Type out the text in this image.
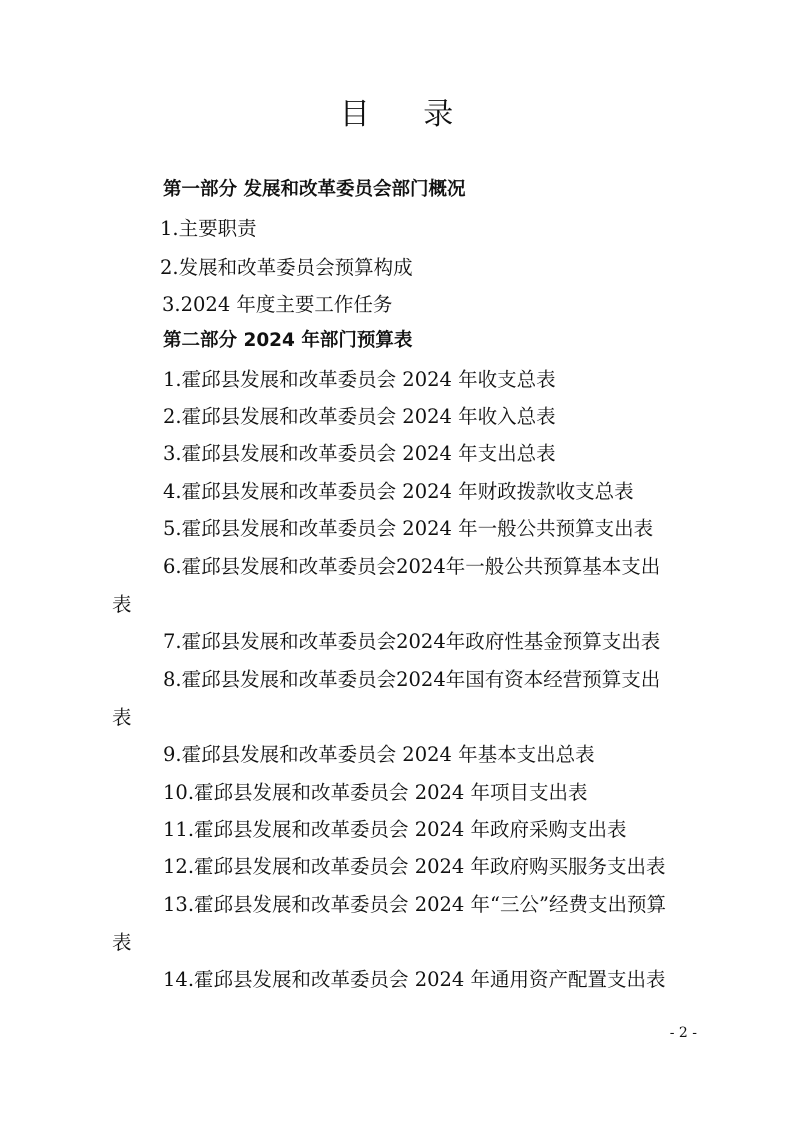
目 录
第一部分 发展和改革委员会部门概况
1.主要职责
2.发展和改革委员会预算构成
3.2024 年度主要工作任务
第二部分 2024 年部门预算表
1.霍邱县发展和改革委员会 2024 年收支总表
2.霍邱县发展和改革委员会 2024 年收入总表
3.霍邱县发展和改革委员会 2024 年支出总表
4.霍邱县发展和改革委员会 2024 年财政拨款收支总表
5.霍邱县发展和改革委员会 2024 年一般公共预算支出表
6.霍邱县发展和改革委员会2024年一般公共预算基本支出
表
7.霍邱县发展和改革委员会2024年政府性基金预算支出表
8.霍邱县发展和改革委员会2024年国有资本经营预算支出
表
9.霍邱县发展和改革委员会 2024 年基本支出总表
10.霍邱县发展和改革委员会 2024 年项目支出表
11.霍邱县发展和改革委员会 2024 年政府采购支出表
12.霍邱县发展和改革委员会 2024 年政府购买服务支出表
13.霍邱县发展和改革委员会 2024 年“三公”经费支出预算
表
14.霍邱县发展和改革委员会 2024 年通用资产配置支出表
- 2 -
